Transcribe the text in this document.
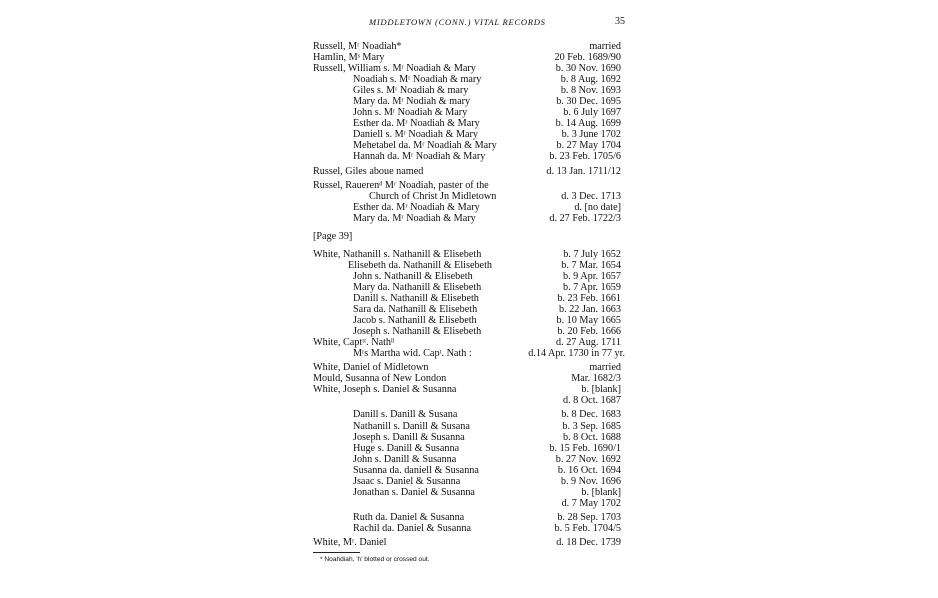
MIDDLETOWN (CONN.) VITAL RECORDS	35
Russell, Mʳ Noadiah*	married
Hamlin, Mˢ Mary	20 Feb. 1689/90
Russell, William s. Mʳ Noadiah & Mary	b. 30 Nov. 1690
Noadiah s. Mʳ Noadiah & mary	b. 8 Aug. 1692
Giles s. Mʳ Noadiah & mary	b. 8 Nov. 1693
Mary da. Mʳ Nodiah & mary	b. 30 Dec. 1695
John s. Mʳ Noadiah & Mary	b. 6 July 1697
Esther da. Mʳ Noadiah & Mary	b. 14 Aug. 1699
Daniell s. Mʳ Noadiah & Mary	b. 3 June 1702
Mehetabel da. Mʳ Noadiah & Mary	b. 27 May 1704
Hannah da. Mʳ Noadiah & Mary	b. 23 Feb. 1705/6
Russel, Giles aboue named	d. 13 Jan. 1711/12
Russel, Rauerenᵈ Mʳ Noadiah, paster of the
Church of Christ Jn Midletown	d. 3 Dec. 1713
Esther da. Mʳ Noadiah & Mary	d. [no date]
Mary da. Mʳ Noadiah & Mary	d. 27 Feb. 1722/3
[Page 39]
White, Nathanill s. Nathanill & Elisebeth	b. 7 July 1652
Elisebeth da. Nathanill & Elisebeth	b. 7 Mar. 1654
John s. Nathanill & Elisebeth	b. 9 Apr. 1657
Mary da. Nathanill & Elisebeth	b. 7 Apr. 1659
Danill s. Nathanill & Elisebeth	b. 23 Feb. 1661
Sara da. Nathanill & Elisebeth	b. 22 Jan. 1663
Jacob s. Nathanill & Elisebeth	b. 10 May 1665
Joseph s. Nathanill & Elisebeth	b. 20 Feb. 1666
White, Captᵗᵗ. Nathˡˡ	d. 27 Aug. 1711
Mʳs Martha wid. Capᵗ. Nath :	d.14 Apr. 1730 in 77 yr.
White, Daniel of Midletown	married
Mould, Susanna of New London	Mar. 1682/3
White, Joseph s. Daniel & Susanna	b. [blank]
d. 8 Oct. 1687
Danill s. Danill & Susana	b. 8 Dec. 1683
Nathanill s. Danill & Susana	b. 3 Sep. 1685
Joseph s. Danill & Susanna	b. 8 Oct. 1688
Huge s. Danill & Susanna	b. 15 Feb. 1690/1
John s. Danill & Susanna	b. 27 Nov. 1692
Susanna da. daniell & Susanna	b. 16 Oct. 1694
Jsaac s. Daniel & Susanna	b. 9 Nov. 1696
Jonathan s. Daniel & Susanna	b. [blank]
d. 7 May 1702
Ruth da. Daniel & Susanna	b. 28 Sep. 1703
Rachil da. Daniel & Susanna	b. 5 Feb. 1704/5
White, Mʳ. Daniel	d. 18 Dec. 1739
* Noahdiah, 'h' blotted or crossed out.
